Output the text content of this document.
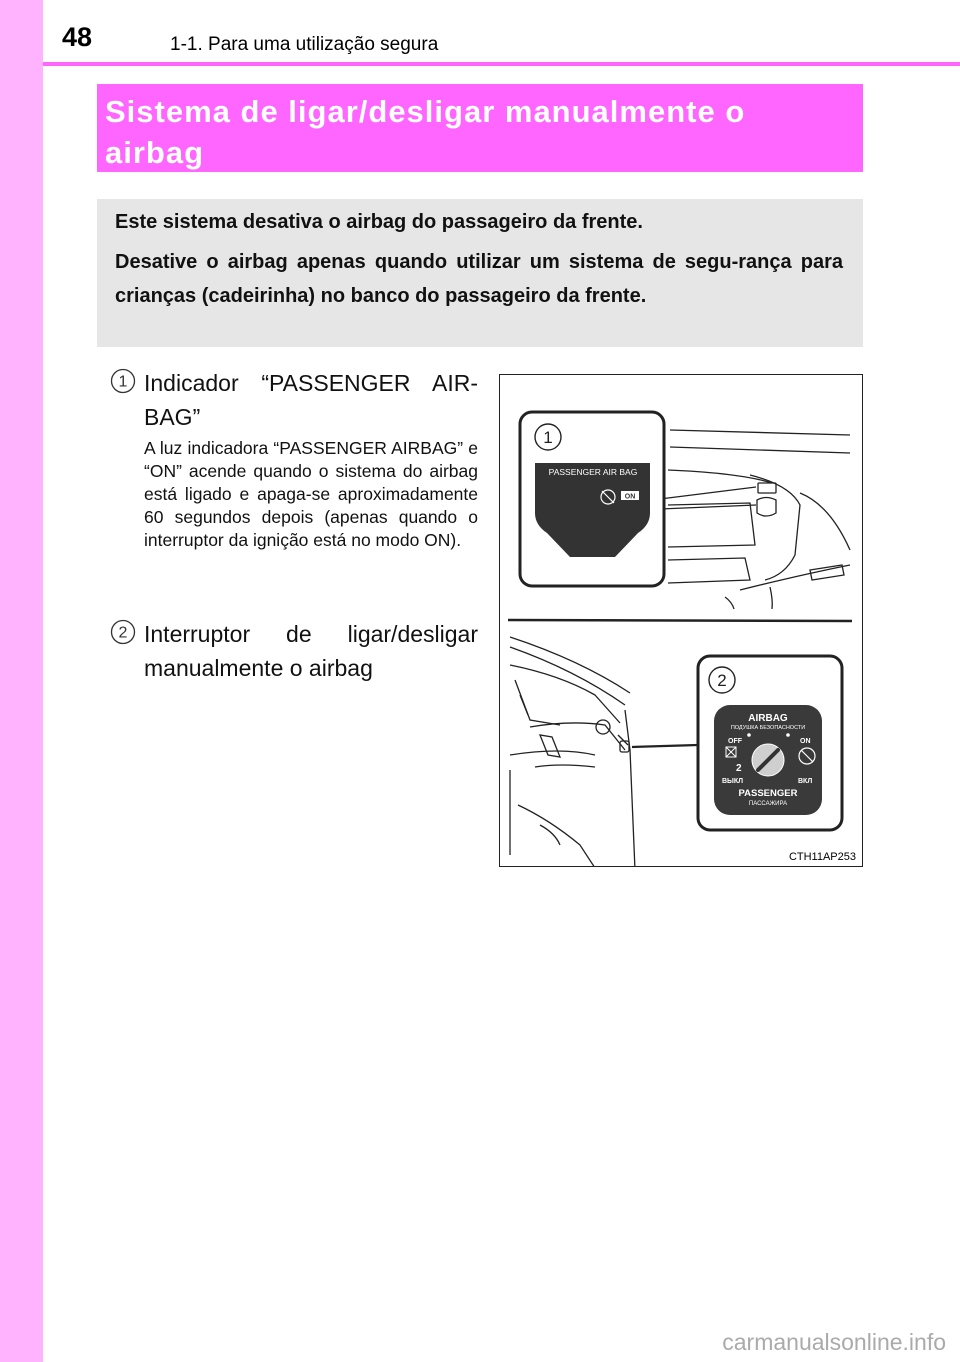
48	1-1. Para uma utilização segura
Sistema de ligar/desligar manualmente o airbag

Este sistema desativa o airbag do passageiro da frente.

Desative o airbag apenas quando utilizar um sistema de segu-rança para crianças (cadeirinha) no banco do passageiro da frente.

1 Indicador “PASSENGER AIR-BAG”
A luz indicadora “PASSENGER AIRBAG” e “ON” acende quando o sistema do airbag está ligado e apaga-se aproximadamente 60 segundos depois (apenas quando o interruptor da ignição está no modo ON).
2 Interruptor de ligar/desligar manualmente o airbag
1
PASSENGER AIR BAG
ON
2
AIRBAG
ПОДУШКА БЕЗОПАСНОСТИ
OFF	ON
2
ВЫКЛ	ВКЛ
PASSENGER
ПАССАЖИРА
CTH11AP253
carmanualsonline.info
